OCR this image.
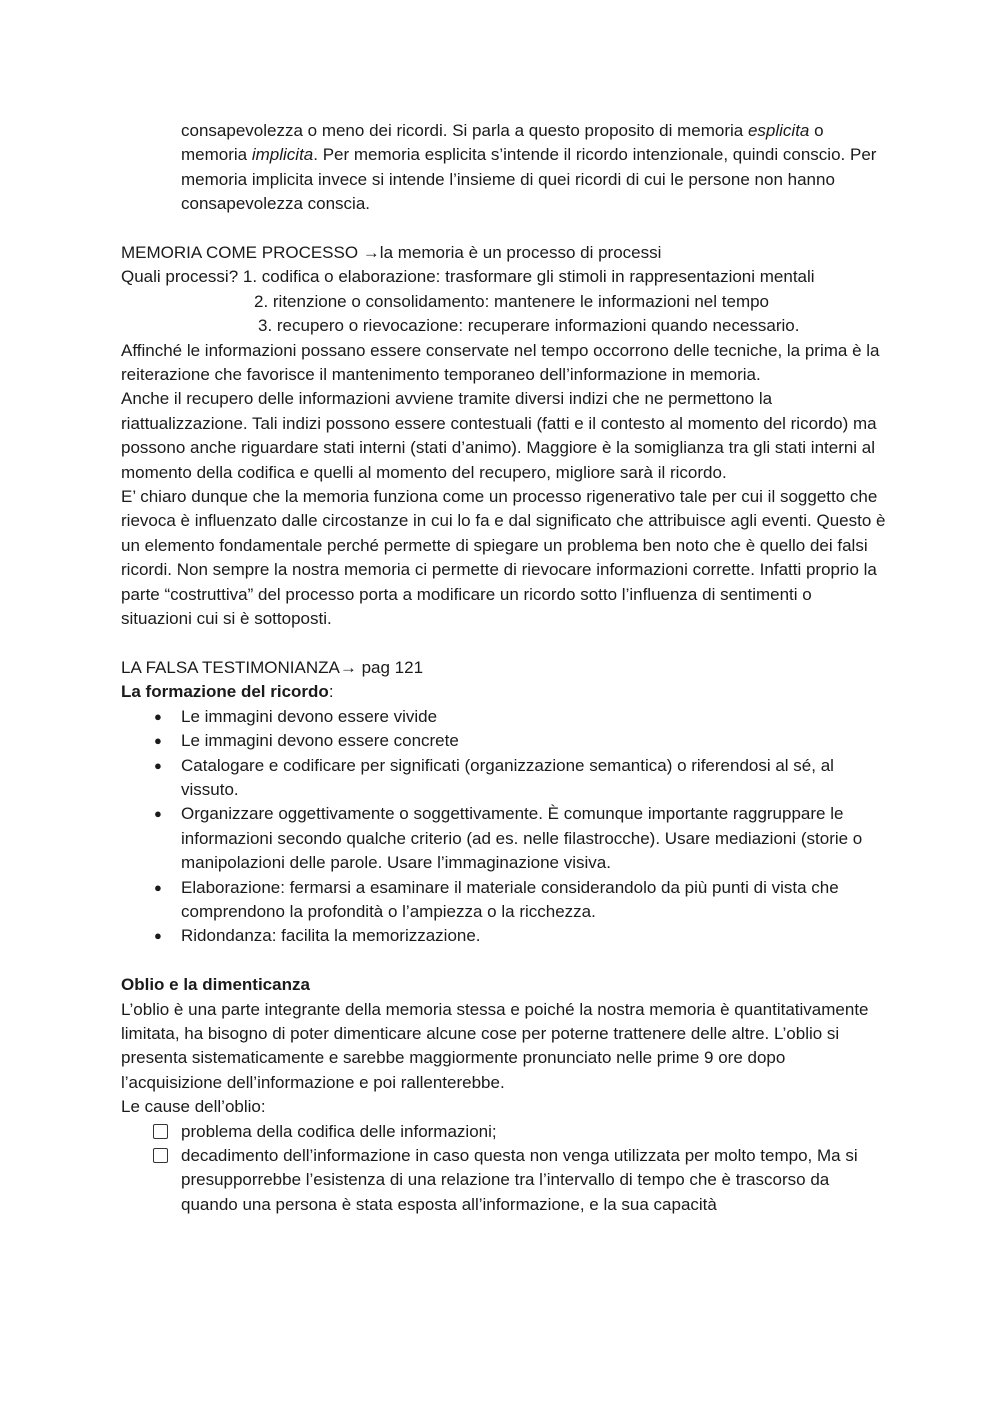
consapevolezza o meno dei ricordi. Si parla a questo proposito di memoria esplicita o memoria implicita. Per memoria esplicita s’intende il ricordo intenzionale, quindi conscio. Per memoria implicita invece si intende l’insieme di quei ricordi di cui le persone non hanno consapevolezza conscia.

MEMORIA COME PROCESSO →la memoria è un processo di processi

Quali processi? 1. codifica o elaborazione: trasformare gli stimoli in rappresentazioni mentali

2. ritenzione o consolidamento: mantenere le informazioni nel tempo

3. recupero o rievocazione: recuperare informazioni quando necessario.

Affinché le informazioni possano essere conservate nel tempo occorrono delle tecniche, la prima è la reiterazione che favorisce il mantenimento temporaneo dell’informazione in memoria.

Anche il recupero delle informazioni avviene tramite diversi indizi che ne permettono la riattualizzazione. Tali indizi possono essere contestuali (fatti e il contesto al momento del ricordo) ma possono anche riguardare stati interni (stati d’animo). Maggiore è la somiglianza tra gli stati interni al momento della codifica e quelli al momento del recupero, migliore sarà il ricordo.

E’ chiaro dunque che la memoria funziona come un processo rigenerativo tale per cui il soggetto che rievoca è influenzato dalle circostanze in cui lo fa e dal significato che attribuisce agli eventi. Questo è un elemento fondamentale perché permette di spiegare un problema ben noto che è quello dei falsi ricordi. Non sempre la nostra memoria ci permette di rievocare informazioni corrette. Infatti proprio la parte “costruttiva” del processo porta a modificare un ricordo sotto l’influenza di sentimenti o situazioni cui si è sottoposti.

LA FALSA TESTIMONIANZA→ pag 121

La formazione del ricordo:

● Le immagini devono essere vivide
● Le immagini devono essere concrete
● Catalogare e codificare per significati (organizzazione semantica) o riferendosi al sé, al vissuto.
● Organizzare oggettivamente o soggettivamente. È comunque importante raggruppare le informazioni secondo qualche criterio (ad es. nelle filastrocche). Usare mediazioni (storie o manipolazioni delle parole. Usare l’immaginazione visiva.
● Elaborazione: fermarsi a esaminare il materiale considerandolo da più punti di vista che comprendono la profondità o l’ampiezza o la ricchezza.
● Ridondanza: facilita la memorizzazione.

Oblio e la dimenticanza

L’oblio è una parte integrante della memoria stessa e poiché la nostra memoria è quantitativamente limitata, ha bisogno di poter dimenticare alcune cose per poterne trattenere delle altre. L’oblio si presenta sistematicamente e sarebbe maggiormente pronunciato nelle prime 9 ore dopo l’acquisizione dell’informazione e poi rallenterebbe.

Le cause dell’oblio:

problema della codifica delle informazioni;
decadimento dell’informazione in caso questa non venga utilizzata per molto tempo, Ma si presupporrebbe l’esistenza di una relazione tra l’intervallo di tempo che è trascorso da quando una persona è stata esposta all’informazione, e la sua capacità
